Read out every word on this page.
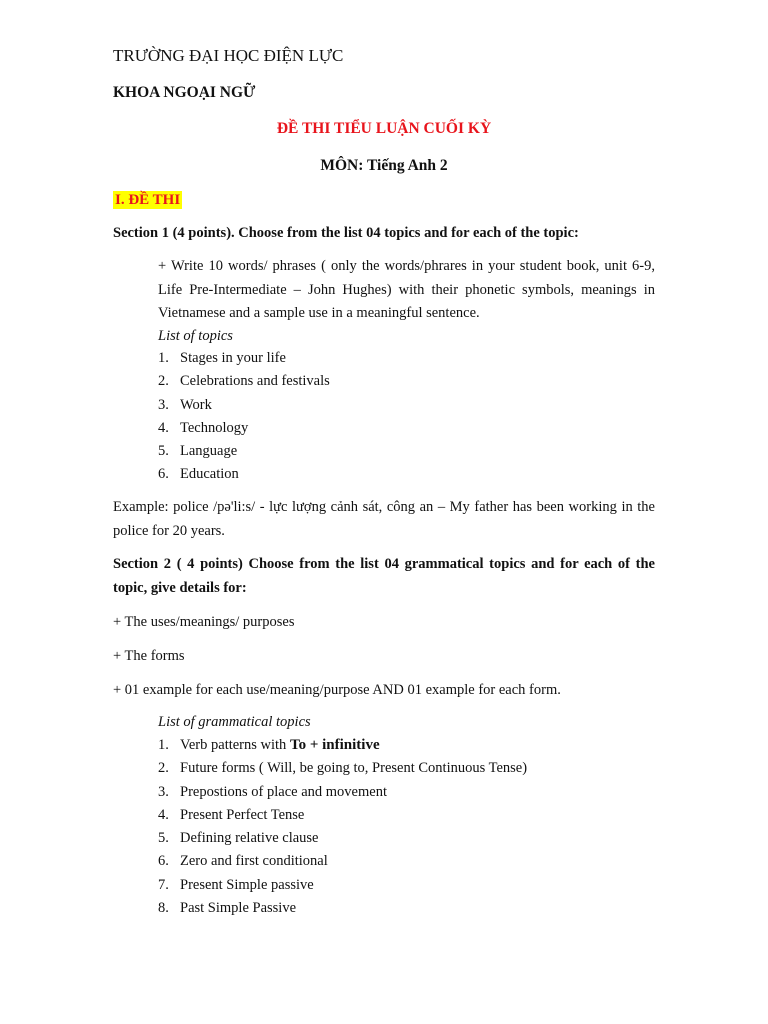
TRƯỜNG ĐẠI HỌC ĐIỆN LỰC
KHOA NGOẠI NGỮ
ĐỀ THI TIỂU LUẬN CUỐI KỲ
MÔN: Tiếng Anh 2
I. ĐỀ THI
Section 1 (4 points). Choose from the list 04 topics and for each of the topic:
+ Write 10 words/ phrases ( only the words/phrares in your student book, unit 6-9, Life Pre-Intermediate – John Hughes) with their phonetic symbols, meanings in Vietnamese and a sample use in a meaningful sentence.
List of topics
1. Stages in your life
2. Celebrations and festivals
3. Work
4. Technology
5. Language
6. Education
Example: police /pə'li:s/ - lực lượng cảnh sát, công an – My father has been working in the police for 20 years.
Section 2 ( 4 points) Choose from the list 04 grammatical topics and for each of the topic, give details for:
+ The uses/meanings/ purposes
+ The forms
+ 01 example for each use/meaning/purpose AND 01 example for each form.
List of grammatical topics
1. Verb patterns with To + infinitive
2. Future forms ( Will, be going to, Present Continuous Tense)
3. Prepostions of place and movement
4. Present Perfect Tense
5. Defining relative clause
6. Zero and first conditional
7. Present Simple passive
8. Past Simple Passive
